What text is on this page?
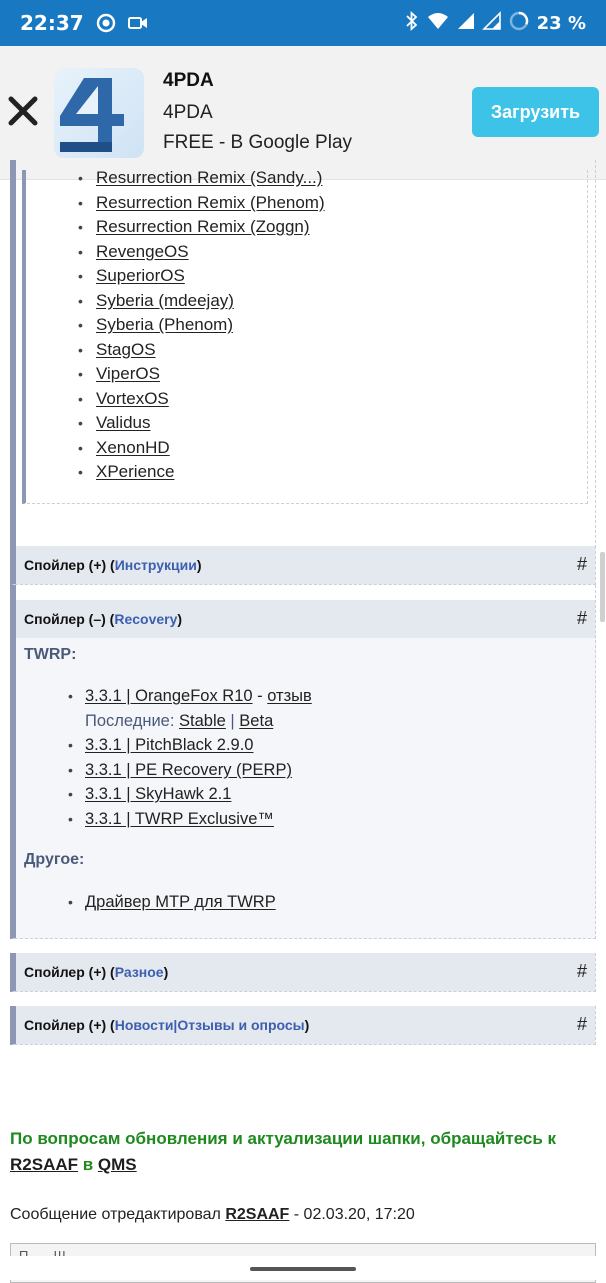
22:37	23 %
4PDA
4PDA
FREE - В Google Play
Загрузить
• Resurrection Remix (Sandy...)
• Resurrection Remix (Phenom)
• Resurrection Remix (Zoggn)
• RevengeOS
• SuperiorOS
• Syberia (mdeejay)
• Syberia (Phenom)
• StagOS
• ViperOS
• VortexOS
• Validus
• XenonHD
• XPerience
Спойлер (+) ( Инструкции )	#
Спойлер (–) ( Recovery )	#
TWRP:
• 3.3.1 | OrangeFox R10 - отзыв
Последние: Stable | Beta
• 3.3.1 | PitchBlack 2.9.0
• 3.3.1 | PE Recovery (PERP)
• 3.3.1 | SkyHawk 2.1
• 3.3.1 | TWRP Exclusive™
Другое:
• Драйвер MTP для TWRP
Спойлер (+) ( Разное )	#
Спойлер (+) ( Новости | Отзывы и опросы )	#
По вопросам обновления и актуализации шапки, обращайтесь к R2SAAF в QMS
Сообщение отредактировал R2SAAF - 02.03.20, 17:20
